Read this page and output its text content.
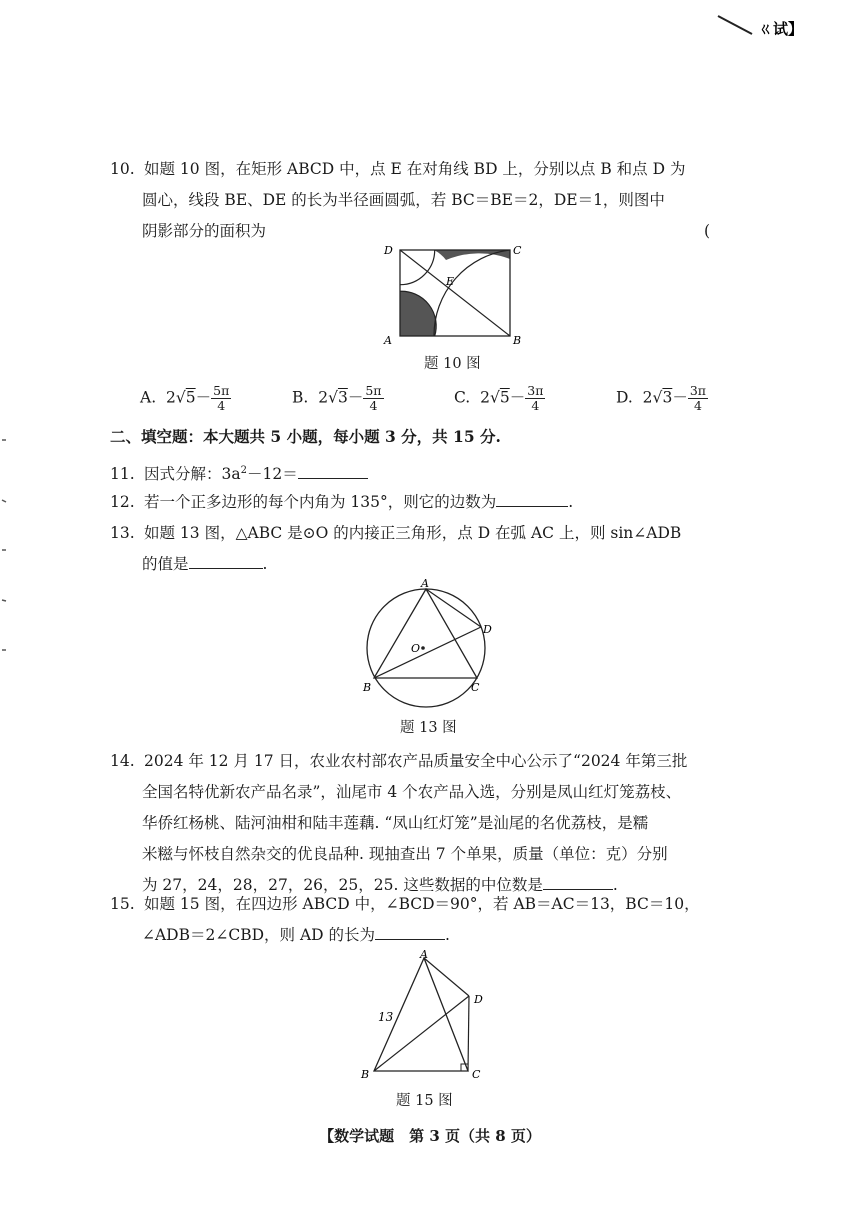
ㄍ试】
10. 如题 10 图，在矩形 ABCD 中，点 E 在对角线 BD 上，分别以点 B 和点 D 为
圆心，线段 BE、DE 的长为半径画圆弧，若 BC＝BE＝2，DE＝1，则图中
阴影部分的面积为	(
D	C
A	B
E
题 10 图
A. $2√5- \frac{5\pi}{4}$	B. $2√3- \frac{5\pi}{4}$	C. $2√5- \frac{3\pi}{4}$	D. $2√3- \frac{3\pi}{4}$
二、填空题：本大题共 5 小题，每小题 3 分，共 15 分.
11. 因式分解：$3a^2-12=$
12. 若一个正多边形的每个内角为 135°，则它的边数为	.
13. 如题 13 图，△ABC 是⊙O 的内接正三角形，点 D 在弧 AC 上，则 sin∠ADB
的值是	.
A
B	C
D
O
题 13 图
14. 2024 年 12 月 17 日，农业农村部农产品质量安全中心公示了“2024 年第三批
全国名特优新农产品名录”，汕尾市 4 个农产品入选，分别是凤山红灯笼荔枝、
华侨红杨桃、陆河油柑和陆丰莲藕. “凤山红灯笼”是汕尾的名优荔枝，是糯
米糍与怀枝自然杂交的优良品种. 现抽查出 7 个单果，质量（单位：克）分别
为 27，24，28，27，26，25，25. 这些数据的中位数是	.
15. 如题 15 图，在四边形 ABCD 中，∠BCD＝90°，若 AB＝AC＝13，BC＝10，
∠ADB＝2∠CBD，则 AD 的长为	.
A
B	C
D
13
题 15 图
【数学试题　第 3 页（共 8 页）
